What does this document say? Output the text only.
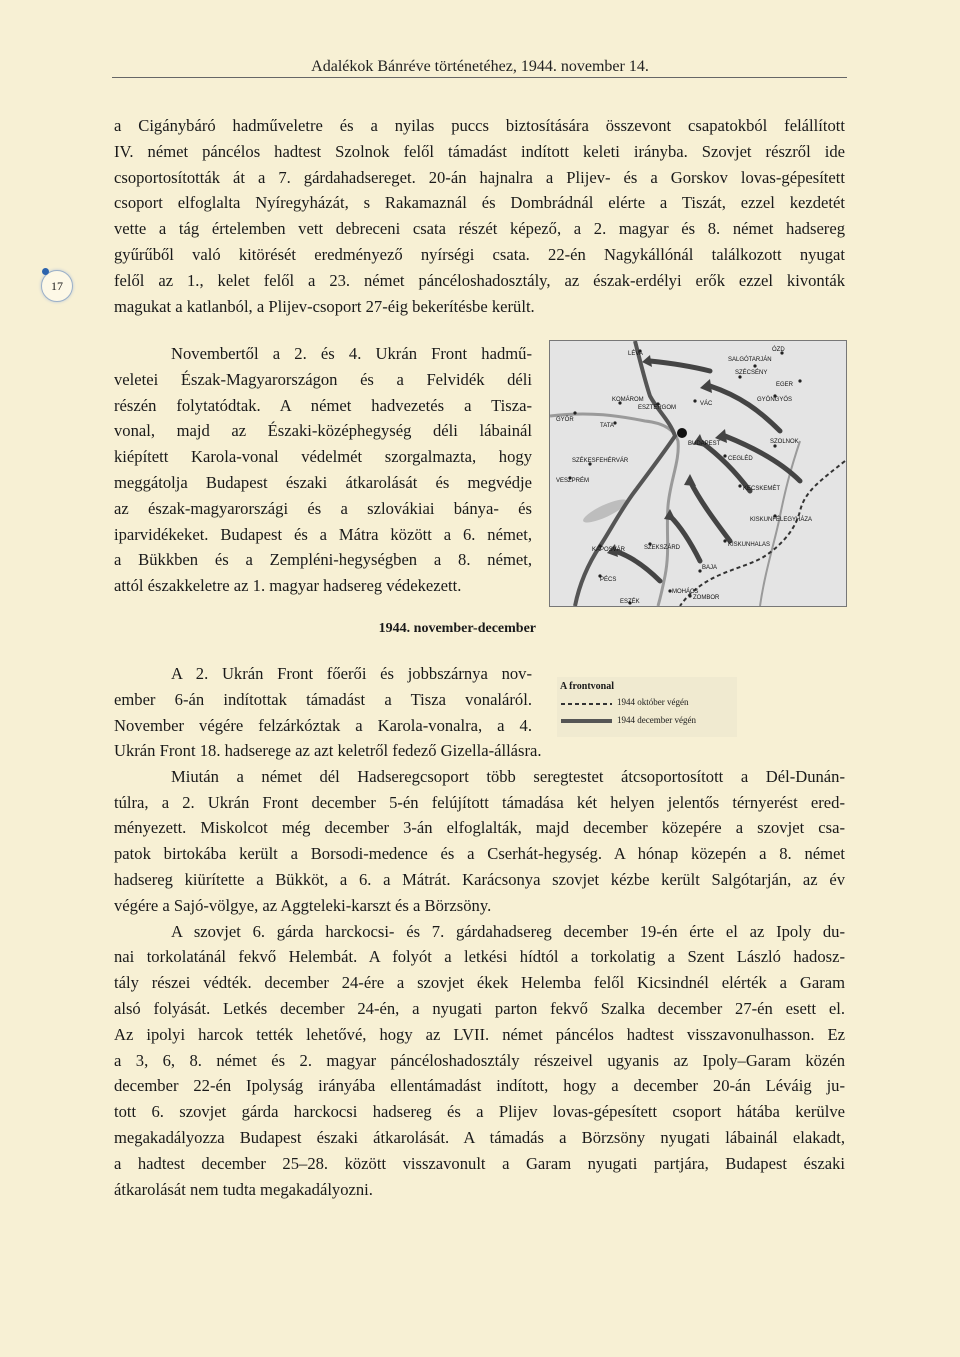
Adalékok Bánréve történetéhez, 1944. november 14.
17
a Cigánybáró hadműveletre és a nyilas puccs biztosítására összevont csapatokból felállított
IV. német páncélos hadtest Szolnok felől támadást indított keleti irányba. Szovjet részről ide
csoportosították át a 7. gárdahadsereget. 20-án hajnalra a Plijev- és a Gorskov lovas-gépesített
csoport elfoglalta Nyíregyházát, s Rakamaznál és Dombrádnál elérte a Tiszát, ezzel kezdetét
vette a tág értelemben vett debreceni csata részét képező, a 2. magyar és 8. német hadsereg
gyűrűből való kitörését eredményező nyírségi csata. 22-én Nagykállónál találkozott nyugat
felől az 1., kelet felől a 23. német páncéloshadosztály, az észak-erdélyi erők ezzel kivonták
magukat a katlanból, a Plijev-csoport 27-éig bekerítésbe került.
Novembertől a 2. és 4. Ukrán Front hadmű-
veletei Észak-Magyarországon és a Felvidék déli
részén folytatódtak. A német hadvezetés a Tisza-
vonal, majd az Északi-középhegység déli lábainál
kiépített Karola-vonal védelmét szorgalmazta, hogy
meggátolja Budapest északi átkarolását és megvédje
az észak-magyarországi és a szlovákiai bánya- és
iparvidékeket. Budapest és a Mátra között a 6. német,
a Bükkben és a Zempléni-hegységben a 8. német,
attól északkeletre az 1. magyar hadsereg védekezett.
LÉVA
ÓZD
SALGÓTARJÁN
SZÉCSÉNY
EGER
GYÖNGYÖS
KOMÁROM
ESZTERGOM
VÁC
GYŐR
TATA
BUDAPEST
CEGLÉD
SZÉKESFEHÉRVÁR
VESZPRÉM
SZOLNOK
KECSKEMÉT
KISKUNFÉLEGYHÁZA
KISKUNHALAS
KAPOSVÁR	SZEKSZÁRD
PÉCS
MOHÁCS
BAJA
ZOMBOR
ESZÉK
1944. november-december
A frontvonal
1944 október végén
1944 december végén
A 2. Ukrán Front főerői és jobbszárnya nov-
ember 6-án indítottak támadást a Tisza vonaláról.
November végére felzárkóztak a Karola-vonalra, a 4.
Ukrán Front 18. hadserege az azt keletről fedező Gizella-állásra.
Miután a német dél Hadseregcsoport több seregtestet átcsoportosított a Dél-Dunán-
túlra, a 2. Ukrán Front december 5-én felújított támadása két helyen jelentős térnyerést ered-
ményezett. Miskolcot még december 3-án elfoglalták, majd december közepére a szovjet csa-
patok birtokába került a Borsodi-medence és a Cserhát-hegység. A hónap közepén a 8. német
hadsereg kiürítette a Bükköt, a 6. a Mátrát. Karácsonya szovjet kézbe került Salgótarján, az év
végére a Sajó-völgye, az Aggteleki-karszt és a Börzsöny.
A szovjet 6. gárda harckocsi- és 7. gárdahadsereg december 19-én érte el az Ipoly du-
nai torkolatánál fekvő Helembát. A folyót a letkési hídtól a torkolatig a Szent László hadosz-
tály részei védték. december 24-ére a szovjet ékek Helemba felől Kicsindnél elérték a Garam
alsó folyását. Letkés december 24-én, a nyugati parton fekvő Szalka december 27-én esett el.
Az ipolyi harcok tették lehetővé, hogy az LVII. német páncélos hadtest visszavonulhasson. Ez
a 3, 6, 8. német és 2. magyar páncéloshadosztály részeivel ugyanis az Ipoly–Garam közén
december 22-én Ipolyság irányába ellentámadást indított, hogy a december 20-án Léváig ju-
tott 6. szovjet gárda harckocsi hadsereg és a Plijev lovas-gépesített csoport hátába kerülve
megakadályozza Budapest északi átkarolását. A támadás a Börzsöny nyugati lábainál elakadt,
a hadtest december 25–28. között visszavonult a Garam nyugati partjára, Budapest északi
átkarolását nem tudta megakadályozni.
